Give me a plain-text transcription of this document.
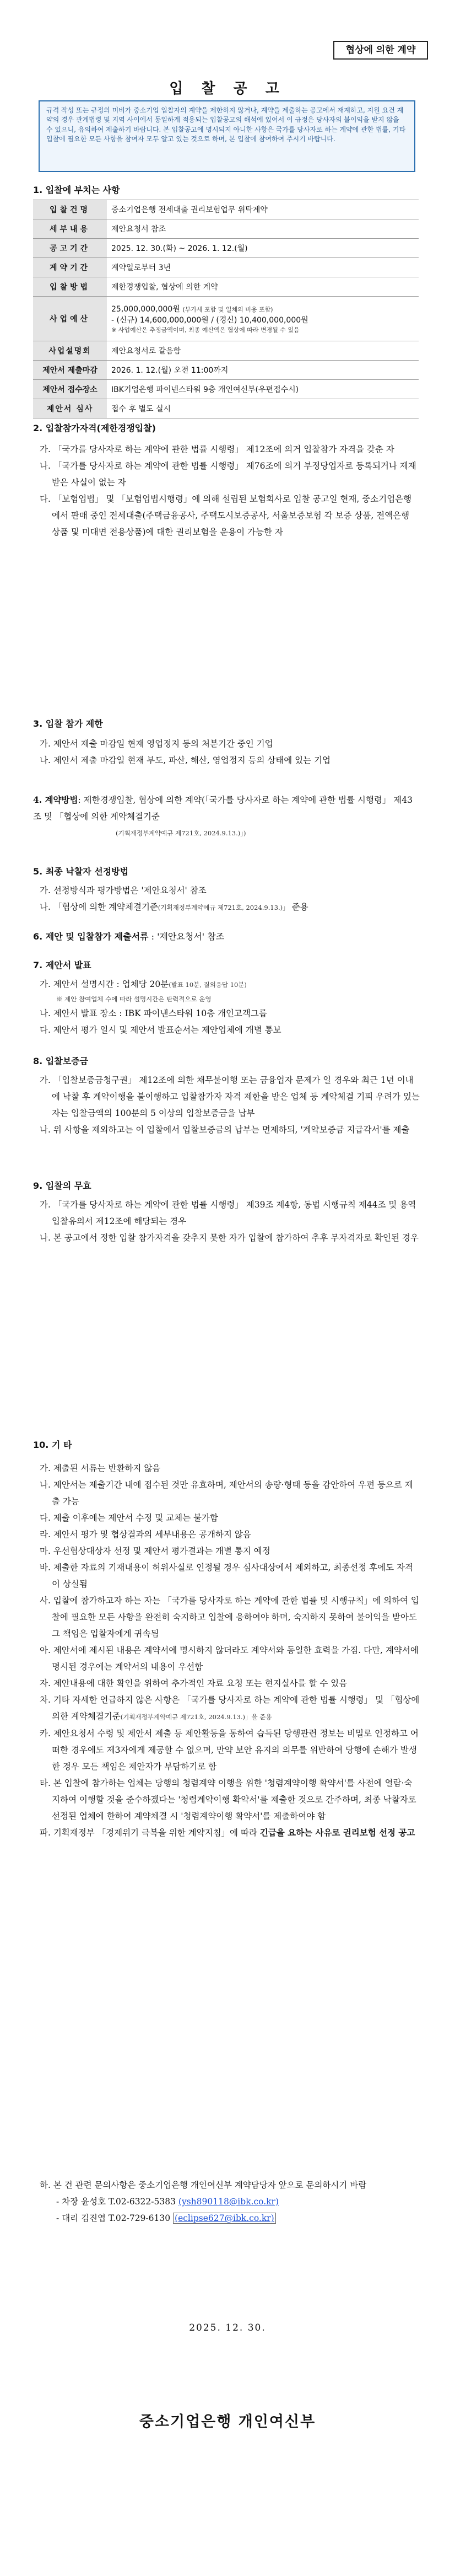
협상에 의한 계약
입 찰 공 고
규격 작성 또는 규정의 미비가 중소기업 입찰자의 계약을 제한하지 않거나, 계약을 제출하는 공고에서 재계하고, 지원 요건 계약의 경우 관계법령 및 지역 사이에서 동일하게 적용되는 입찰공고의 해석에 있어서 이 규정은 당사자의 불이익을 받지 않을 수 있으니, 유의하여 제출하기 바랍니다. 본 입찰공고에 명시되지 아니한 사항은 국가를 당사자로 하는 계약에 관한 법률, 기타 입찰에 필요한 모든 사항을 참여자 모두 알고 있는 것으로 하며, 본 입찰에 참여하여 주시기 바랍니다.
1. 입찰에 부치는 사항
입찰건명	중소기업은행 전세대출 권리보험업무 위탁계약
세부내용	제안요청서 참조
공고기간	2025. 12. 30.(화) ~ 2026. 1. 12.(월)
계약기간	계약일로부터 3년
입찰방법	제한경쟁입찰, 협상에 의한 계약
사업예산	25,000,000,000원 (부가세 포함 및 일체의 비용 포함)
- (신규) 14,600,000,000원 / (경신) 10,400,000,000원
※ 사업예산은 추정금액이며, 최종 예산액은 협상에 따라 변경될 수 있음

사업설명회	제안요청서로 갈음함
제안서 제출마감	2026. 1. 12.(월) 오전 11:00까지
제안서 접수장소	IBK기업은행 파이넨스타워 9층 개인여신부(우편접수시)
제안서 심사	접수 후 별도 실시
2. 입찰참가자격(제한경쟁입찰)
가. 「국가를 당사자로 하는 계약에 관한 법률 시행령」 제12조에 의거 입찰참가 자격을 갖춘 자
나. 「국가를 당사자로 하는 계약에 관한 법률 시행령」 제76조에 의거 부정당업자로 등록되거나 제재 받은 사실이 없는 자
다. 「보험업법」 및 「보험업법시행령」에 의해 설립된 보험회사로 입찰 공고일 현재, 중소기업은행에서 판매 중인 전세대출(주택금융공사, 주택도시보증공사, 서울보증보험 각 보증 상품, 전액은행 상품 및 미대면 전용상품)에 대한 권리보험을 운용이 가능한 자
3. 입찰 참가 제한
가. 제안서 제출 마감일 현재 영업정지 등의 처분기간 중인 기업
나. 제안서 제출 마감일 현재 부도, 파산, 해산, 영업정지 등의 상태에 있는 기업
4. 계약방법: 제한경쟁입찰, 협상에 의한 계약(「국가를 당사자로 하는 계약에 관한 법률 시행령」 제43조 및 「협상에 의한 계약체결기준
(기획재정부계약예규 제721호, 2024.9.13.)」)
5. 최종 낙찰자 선정방법
가. 선정방식과 평가방법은 '제안요청서' 참조
나. 「협상에 의한 계약체결기준(기획재정부계약예규 제721호, 2024.9.13.)」 준용
6. 제안 및 입찰참가 제출서류 : '제안요청서' 참조
7. 제안서 발표
가. 제안서 설명시간 : 업체당 20분(발표 10분, 질의응답 10분)
※ 제안 참여업체 수에 따라 설명시간은 탄력적으로 운영
나. 제안서 발표 장소 : IBK 파이낸스타워 10층 개인고객그룹
다. 제안서 평가 일시 및 제안서 발표순서는 제안업체에 개별 통보
8. 입찰보증금
가. 「입찰보증금청구권」 제12조에 의한 채무불이행 또는 금융업자 문제가 일 경우와 최근 1년 이내에 낙찰 후 계약이행을 불이행하고 입찰참가자 자격 제한을 받은 업체 등 계약체결 기피 우려가 있는 자는 입찰금액의 100분의 5 이상의 입찰보증금을 납부
나. 위 사항을 제외하고는 이 입찰에서 입찰보증금의 납부는 면제하되, '계약보증금 지급각서'를 제출
9. 입찰의 무효
가. 「국가를 당사자로 하는 계약에 관한 법률 시행령」 제39조 제4항, 동법 시행규칙 제44조 및 용역입찰유의서 제12조에 해당되는 경우
나. 본 공고에서 정한 입찰 참가자격을 갖추지 못한 자가 입찰에 참가하여 추후 무자격자로 확인된 경우
10. 기 타
가. 제출된 서류는 반환하지 않음
나. 제안서는 제출기간 내에 접수된 것만 유효하며, 제안서의 송량·형태 등을 감안하여 우편 등으로 제출 가능
다. 제출 이후에는 제안서 수정 및 교체는 불가함
라. 제안서 평가 및 협상결과의 세부내용은 공개하지 않음
마. 우선협상대상자 선정 및 제안서 평가결과는 개별 통지 예정
바. 제출한 자료의 기재내용이 허위사실로 인정될 경우 심사대상에서 제외하고, 최종선정 후에도 자격이 상실됨
사. 입찰에 참가하고자 하는 자는 「국가를 당사자로 하는 계약에 관한 법률 및 시행규칙」에 의하여 입찰에 필요한 모든 사항을 완전히 숙지하고 입찰에 응하여야 하며, 숙지하지 못하여 불이익을 받아도 그 책임은 입찰자에게 귀속됨
아. 제안서에 제시된 내용은 계약서에 명시하지 않더라도 계약서와 동일한 효력을 가짐. 다만, 계약서에 명시된 경우에는 계약서의 내용이 우선함
자. 제안내용에 대한 확인을 위하여 추가적인 자료 요청 또는 현지실사를 할 수 있음
차. 기타 자세한 언급하지 않은 사항은 「국가를 당사자로 하는 계약에 관한 법률 시행령」 및 「협상에 의한 계약체결기준(기획재정부계약예규 제721호, 2024.9.13.)」을 준용
카. 제안요청서 수령 및 제안서 제출 등 제안활동을 통하여 습득된 당행관련 정보는 비밀로 인정하고 어떠한 경우에도 제3자에게 제공할 수 없으며, 만약 보안 유지의 의무를 위반하여 당행에 손해가 발생한 경우 모든 책임은 제안자가 부담하기로 함
타. 본 입찰에 참가하는 업체는 당행의 청렴계약 이행을 위한 '청렴계약이행 확약서'를 사전에 열람·숙지하여 이행할 것을 준수하겠다는 '청렴계약이행 확약서'를 제출한 것으로 간주하며, 최종 낙찰자로 선정된 업체에 한하여 계약체결 시 '청렴계약이행 확약서'를 제출하여야 함
파. 기획재정부 「경제위기 극복을 위한 계약지침」에 따라 긴급을 요하는 사유로 권리보험 선정 공고
하. 본 건 관련 문의사항은 중소기업은행 개인여신부 계약담당자 앞으로 문의하시기 바람
- 차장 윤성호 T.02-6322-5383 (ysh890118@ibk.co.kr)
- 대리 김진엽 T.02-729-6130 (eclipse627@ibk.co.kr)
2025. 12. 30.
중소기업은행 개인여신부
